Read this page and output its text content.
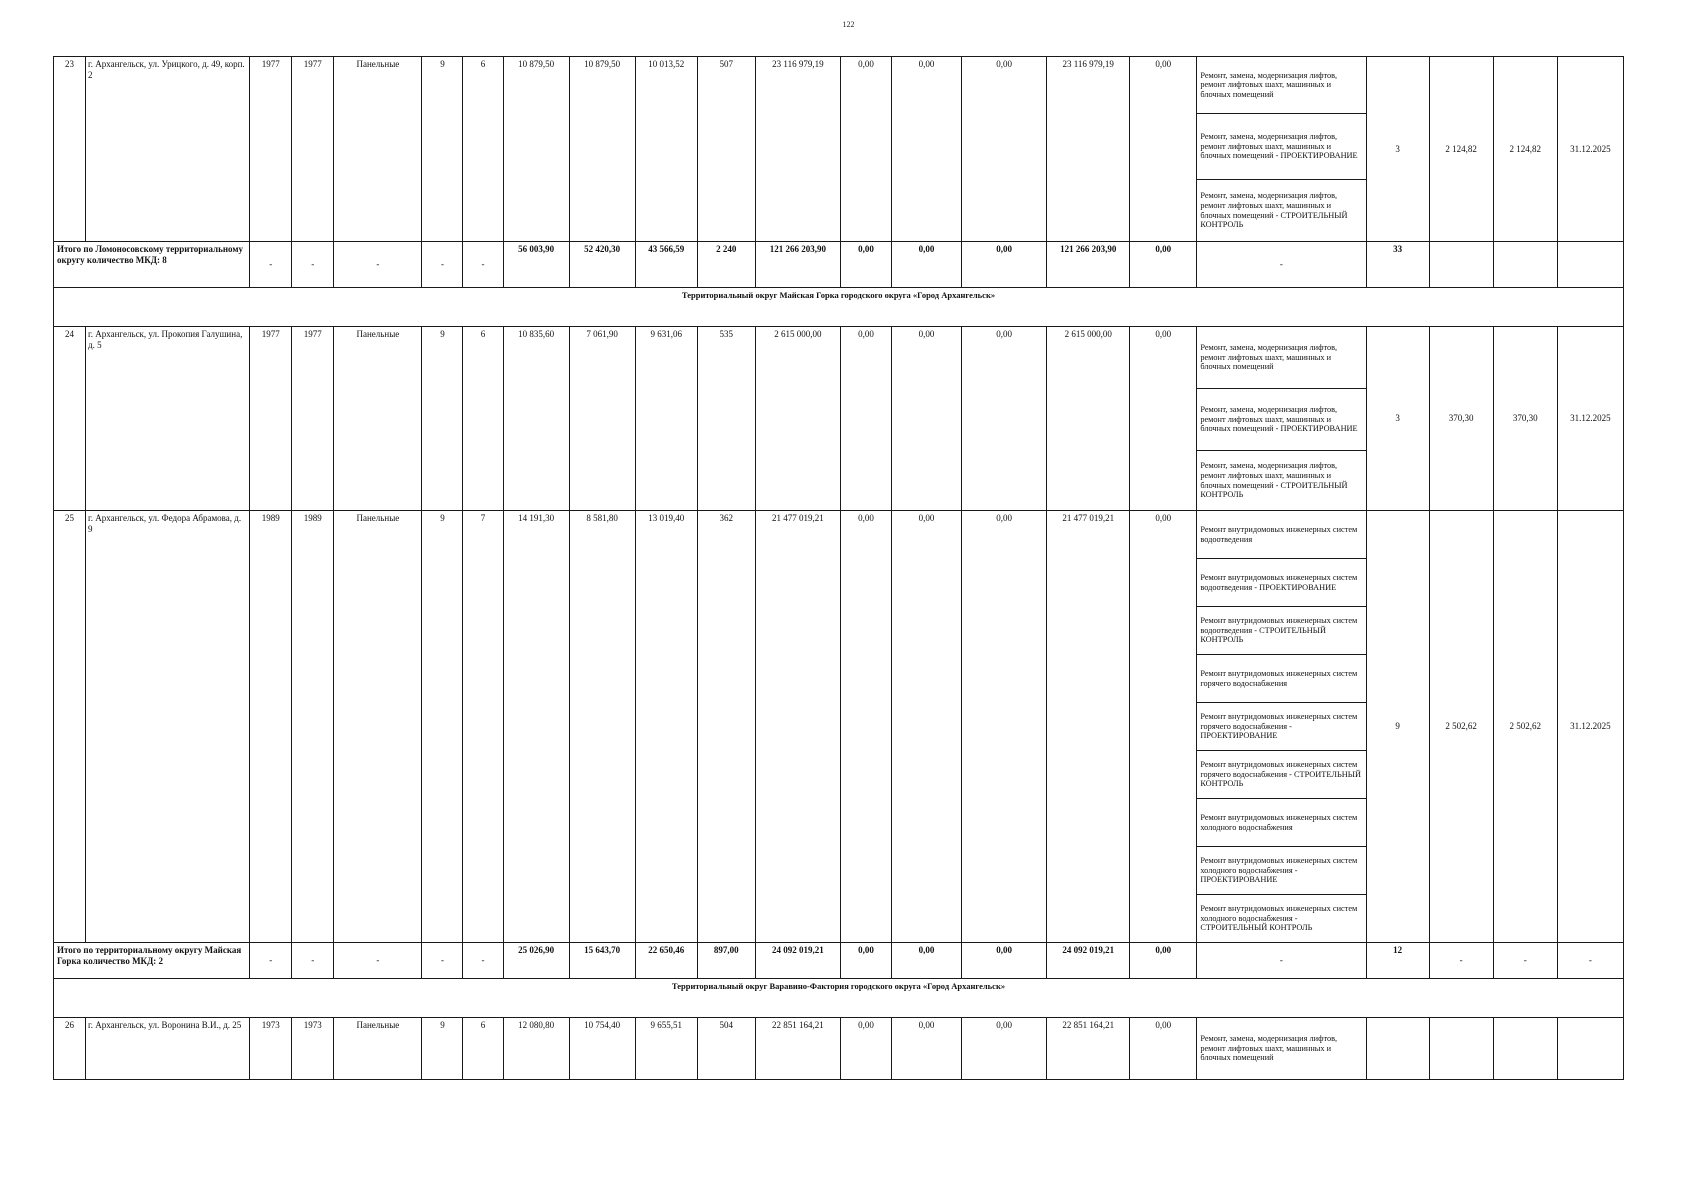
122
23	г. Архангельск, ул. Урицкого, д. 49, корп. 2	1977	1977	Панельные	9	6	10 879,50	10 879,50	10 013,52	507	23 116 979,19	0,00	0,00	0,00	23 116 979,19	0,00	Ремонт, замена, модернизация лифтов, ремонт лифтовых шахт, машинных и блочных помещений	3	2 124,82	2 124,82	31.12.2025
																	Ремонт, замена, модернизация лифтов, ремонт лифтовых шахт, машинных и блочных помещений - ПРОЕКТИРОВАНИЕ				
																	Ремонт, замена, модернизация лифтов, ремонт лифтовых шахт, машинных и блочных помещений - СТРОИТЕЛЬНЫЙ КОНТРОЛЬ				
Итого по Ломоносовскому территориальному округу количество МКД: 8		-	-	-	-	-	56 003,90	52 420,30	43 566,59	2 240	121 266 203,90	0,00	0,00	0,00	121 266 203,90	0,00	-	33			
Территориальный округ Майская Горка городского округа «Город Архангельск»																					
24	г. Архангельск, ул. Прокопия Галушина, д. 5	1977	1977	Панельные	9	6	10 835,60	7 061,90	9 631,06	535	2 615 000,00	0,00	0,00	0,00	2 615 000,00	0,00	Ремонт, замена, модернизация лифтов, ремонт лифтовых шахт, машинных и блочных помещений	3	370,30	370,30	31.12.2025
																	Ремонт, замена, модернизация лифтов, ремонт лифтовых шахт, машинных и блочных помещений - ПРОЕКТИРОВАНИЕ				
																	Ремонт, замена, модернизация лифтов, ремонт лифтовых шахт, машинных и блочных помещений - СТРОИТЕЛЬНЫЙ КОНТРОЛЬ				
25	г. Архангельск, ул. Федора Абрамова, д. 9	1989	1989	Панельные	9	7	14 191,30	8 581,80	13 019,40	362	21 477 019,21	0,00	0,00	0,00	21 477 019,21	0,00	Ремонт внутридомовых инженерных систем водоотведения	9	2 502,62	2 502,62	31.12.2025
																	Ремонт внутридомовых инженерных систем водоотведения - ПРОЕКТИРОВАНИЕ				
																	Ремонт внутридомовых инженерных систем водоотведения - СТРОИТЕЛЬНЫЙ КОНТРОЛЬ				
																	Ремонт внутридомовых инженерных систем горячего водоснабжения				
																	Ремонт внутридомовых инженерных систем горячего водоснабжения - ПРОЕКТИРОВАНИЕ				
																	Ремонт внутридомовых инженерных систем горячего водоснабжения - СТРОИТЕЛЬНЫЙ КОНТРОЛЬ				
																	Ремонт внутридомовых инженерных систем холодного водоснабжения				
																	Ремонт внутридомовых инженерных систем холодного водоснабжения - ПРОЕКТИРОВАНИЕ				
																	Ремонт внутридомовых инженерных систем холодного водоснабжения - СТРОИТЕЛЬНЫЙ КОНТРОЛЬ				
Итого по территориальному округу Майская Горка количество МКД: 2		-	-	-	-	-	25 026,90	15 643,70	22 650,46	897,00	24 092 019,21	0,00	0,00	0,00	24 092 019,21	0,00	-	12	-	-	-
Территориальный округ Варавино-Фактория городского округа «Город Архангельск»																					
26	г. Архангельск, ул. Воронина В.И., д. 25	1973	1973	Панельные	9	6	12 080,80	10 754,40	9 655,51	504	22 851 164,21	0,00	0,00	0,00	22 851 164,21	0,00	Ремонт, замена, модернизация лифтов, ремонт лифтовых шахт, машинных и блочных помещений				
